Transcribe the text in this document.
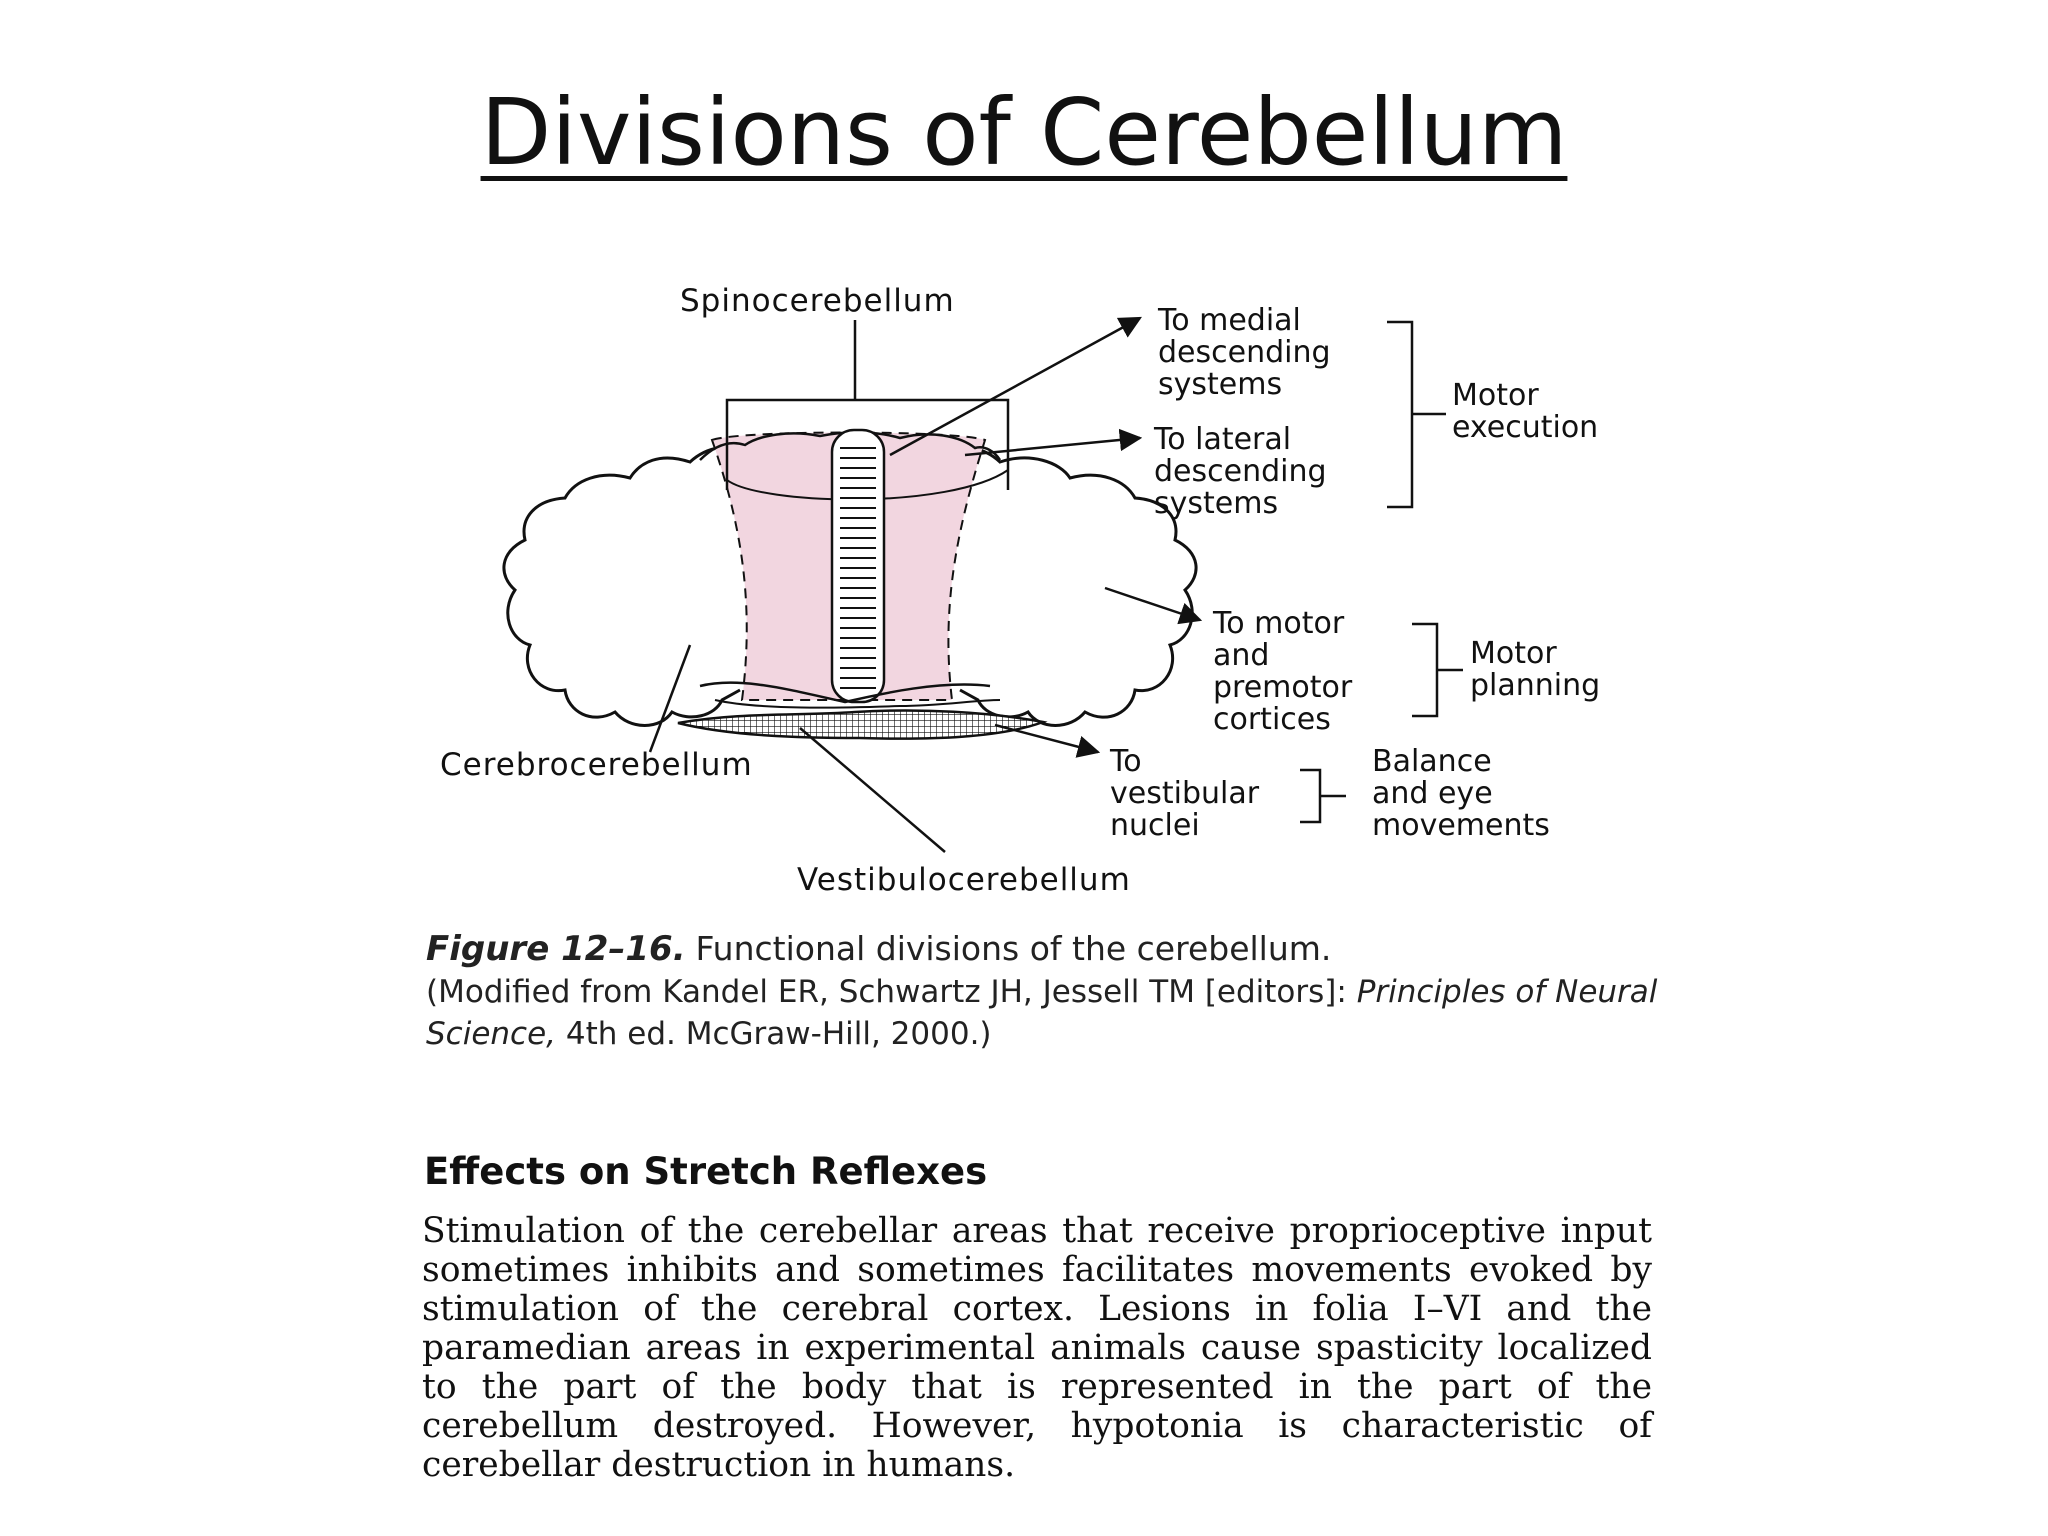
Divisions of Cerebellum
Spinocerebellum
Cerebrocerebellum
Vestibulocerebellum
To medial
descending
systems
To lateral
descending
systems
To motor
and
premotor
cortices
To
vestibular
nuclei
Motor
execution
Motor
planning
Balance
and eye
movements
Figure 12–16. Functional divisions of the cerebellum.
(Modified from Kandel ER, Schwartz JH, Jessell TM [editors]: Principles of Neural Science, 4th ed. McGraw-Hill, 2000.)
Effects on Stretch Reflexes

Stimulation of the cerebellar areas that receive proprioceptive input sometimes inhibits and sometimes facilitates movements evoked by stimulation of the cerebral cortex. Lesions in folia I–VI and the paramedian areas in experimental animals cause spasticity localized to the part of the body that is represented in the part of the cerebellum destroyed. However, hypotonia is characteristic of cerebellar destruction in humans.
